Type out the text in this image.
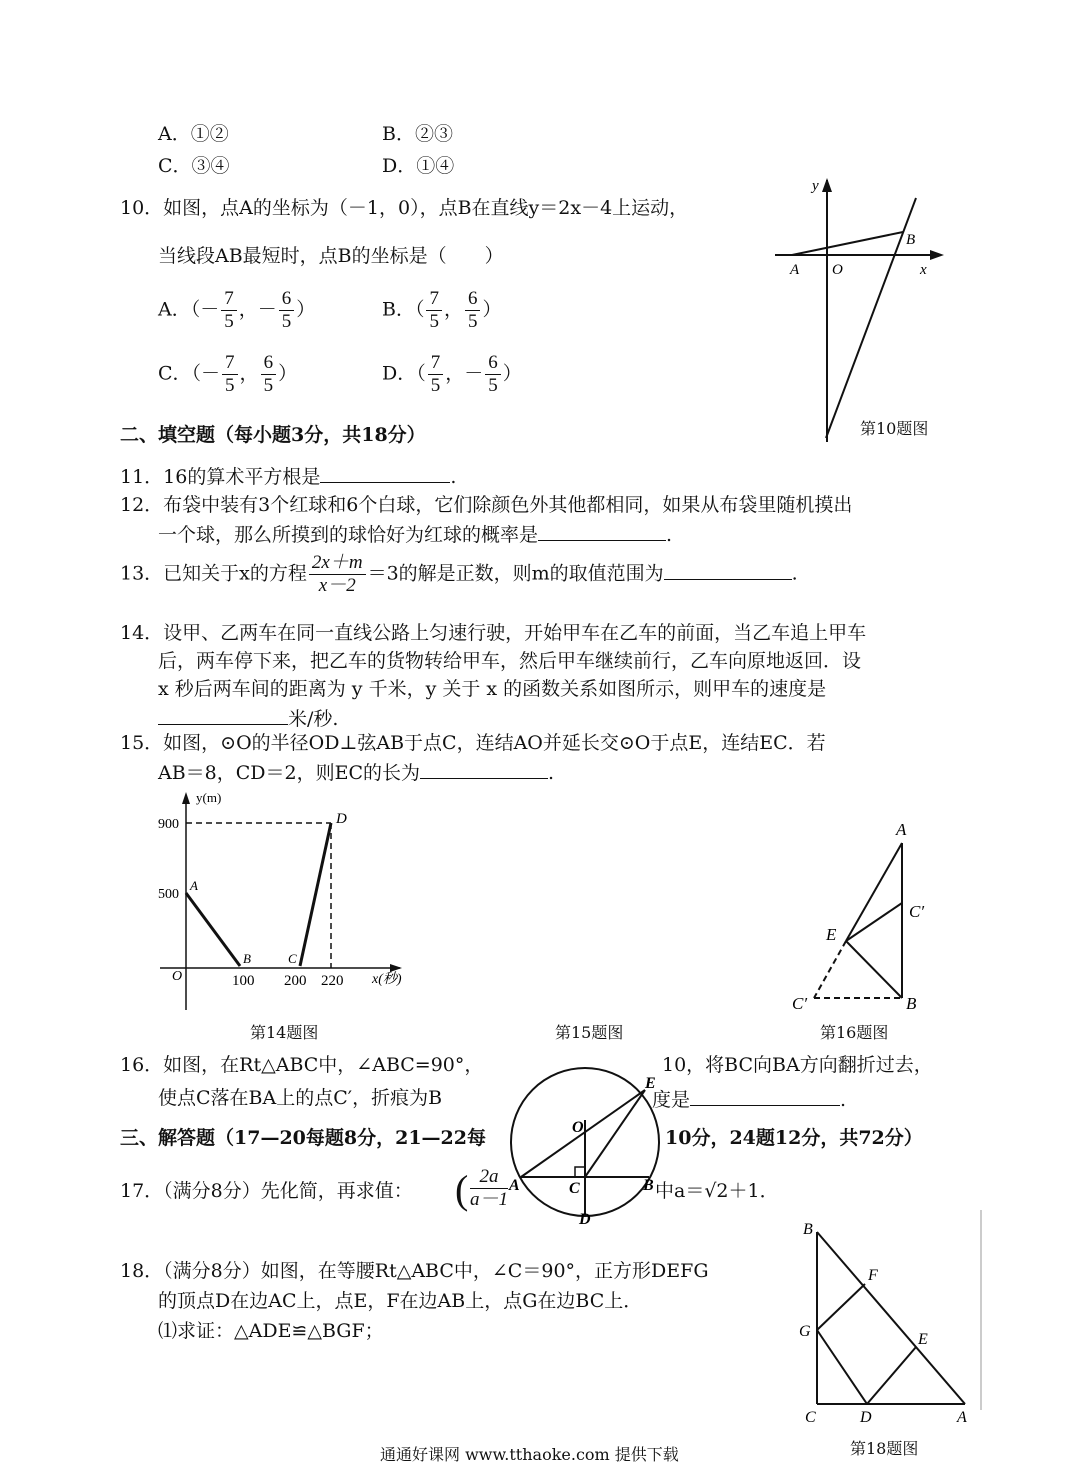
A．①②	B．②③
C．③④	D．①④
10．如图，点A的坐标为（－1，0），点B在直线y＝2x－4上运动，
当线段AB最短时，点B的坐标是（　　）
A．（－ $\frac{7}{5}$ ，－ $\frac{6}{5}$ ）	B．（ $\frac{7}{5}$ ， $\frac{6}{5}$ ）
C．（－ $\frac{7}{5}$ ， $\frac{6}{5}$ ）	D．（ $\frac{7}{5}$ ，－ $\frac{6}{5}$ ）
y
x
A O
B
第10题图
二、填空题（每小题3分，共18分）
11．16的算术平方根是	.
12．布袋中装有3个红球和6个白球，它们除颜色外其他都相同，如果从布袋里随机摸出
一个球，那么所摸到的球恰好为红球的概率是	.
13．已知关于x的方程 $\frac{2x+m}{x-2} =3$的解是正数，则m的取值范围为	.
14．设甲、乙两车在同一直线公路上匀速行驶，开始甲车在乙车的前面，当乙车追上甲车
后，两车停下来，把乙车的货物转给甲车，然后甲车继续前行，乙车向原地返回．设
x 秒后两车间的距离为 y 千米，y 关于 x 的函数关系如图所示，则甲车的速度是
米/秒.
15．如图，⊙O的半径OD⊥弦AB于点C，连结AO并延长交⊙O于点E，连结EC．若
AB＝8，CD＝2，则EC的长为	.
y(m)
x(秒)
900
500
O	100 200 220
A
B	C
D
第14题图	第15题图
A
C′
E
C′	B
第16题图
16．如图，在Rt△ABC中，∠ABC=90°，	10，将BC向BA方向翻折过去，
使点C落在BA上的点C′，折痕为B	度是	.
三、解答题（17—20每题8分，21—22每	10分，24题12分，共72分）
17．（满分8分）先化简，再求值： ( $\frac{2a}{a-1}$	中a＝√2＋1．
O
E
A	C	B
D
18．（满分8分）如图，在等腰Rt△ABC中，∠C＝90°，正方形DEFG
的顶点D在边AC上，点E，F在边AB上，点G在边BC上．
⑴求证：△ADE≌△BGF；
B
F
G	E
C	D	A
第18题图
通通好课网 www.tthaoke.com 提供下载
